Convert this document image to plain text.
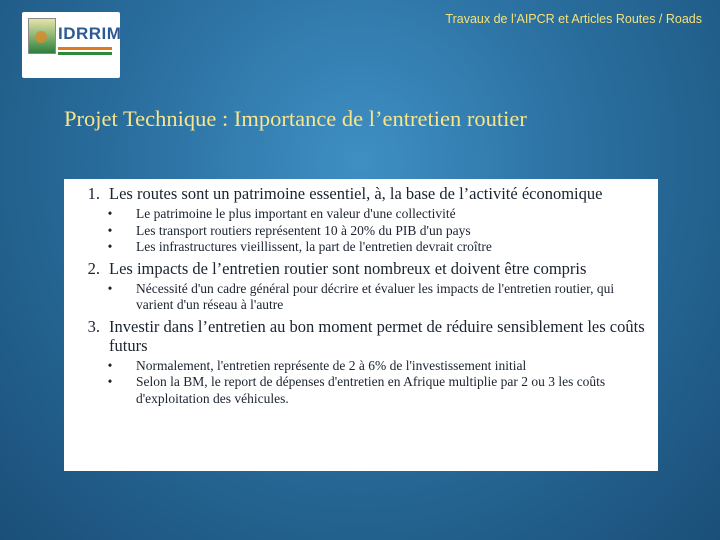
IDRRIM
Travaux de l’AIPCR et Articles Routes / Roads
Projet Technique : Importance de l’entretien routier
1. Les routes sont un patrimoine essentiel, à, la base de l’activité économique
•	Le patrimoine le plus important en valeur d'une collectivité
•	Les transport routiers représentent 10 à 20% du PIB d'un pays
•	Les infrastructures vieillissent, la part de l'entretien devrait croître
2. Les impacts de l’entretien routier sont nombreux et doivent être compris
•	Nécessité d'un cadre général pour décrire et évaluer les impacts de l'entretien routier, qui varient d'un réseau à l'autre
3. Investir dans l’entretien au bon moment permet de réduire sensiblement les coûts futurs
•	Normalement, l'entretien représente de 2 à 6% de l'investissement initial
•	Selon la BM, le report de dépenses d'entretien en Afrique multiplie par 2 ou 3 les coûts d'exploitation des véhicules.
